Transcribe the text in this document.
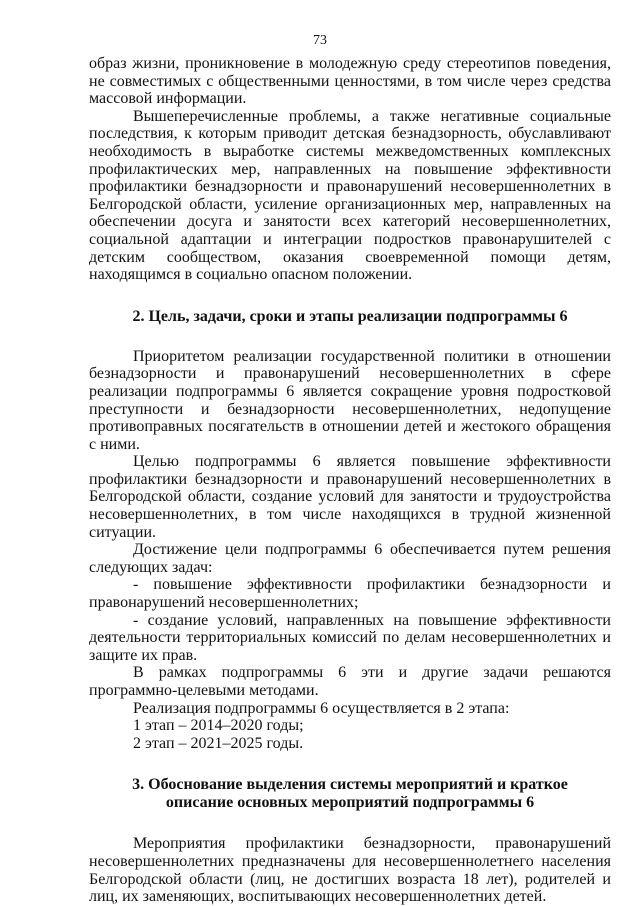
73

образ жизни, проникновение в молодежную среду стереотипов поведения, не совместимых с общественными ценностями, в том числе через средства массовой информации.

Вышеперечисленные проблемы, а также негативные социальные последствия, к которым приводит детская безнадзорность, обуславливают необходимость в выработке системы межведомственных комплексных профилактических мер, направленных на повышение эффективности профилактики безнадзорности и правонарушений несовершеннолетних в Белгородской области, усиление организационных мер, направленных на обеспечении досуга и занятости всех категорий несовершеннолетних, социальной адаптации и интеграции подростков правонарушителей с детским сообществом, оказания своевременной помощи детям, находящимся в социально опасном положении.

2. Цель, задачи, сроки и этапы реализации подпрограммы 6

Приоритетом реализации государственной политики в отношении безнадзорности и правонарушений несовершеннолетних в сфере реализации подпрограммы 6 является сокращение уровня подростковой преступности и безнадзорности несовершеннолетних, недопущение противоправных посягательств в отношении детей и жестокого обращения с ними.

Целью подпрограммы 6 является повышение эффективности профилактики безнадзорности и правонарушений несовершеннолетних в Белгородской области, создание условий для занятости и трудоустройства несовершеннолетних, в том числе находящихся в трудной жизненной ситуации.

Достижение цели подпрограммы 6 обеспечивается путем решения следующих задач:

- повышение эффективности профилактики безнадзорности и правонарушений несовершеннолетних;

- создание условий, направленных на повышение эффективности деятельности территориальных комиссий по делам несовершеннолетних и защите их прав.

В рамках подпрограммы 6 эти и другие задачи решаются программно-целевыми методами.

Реализация подпрограммы 6 осуществляется в 2 этапа:

1 этап – 2014–2020 годы;

2 этап – 2021–2025 годы.

3. Обоснование выделения системы мероприятий и краткое
описание основных мероприятий подпрограммы 6

Мероприятия профилактики безнадзорности, правонарушений несовершеннолетних предназначены для несовершеннолетнего населения Белгородской области (лиц, не достигших возраста 18 лет), родителей и лиц, их заменяющих, воспитывающих несовершеннолетних детей.
